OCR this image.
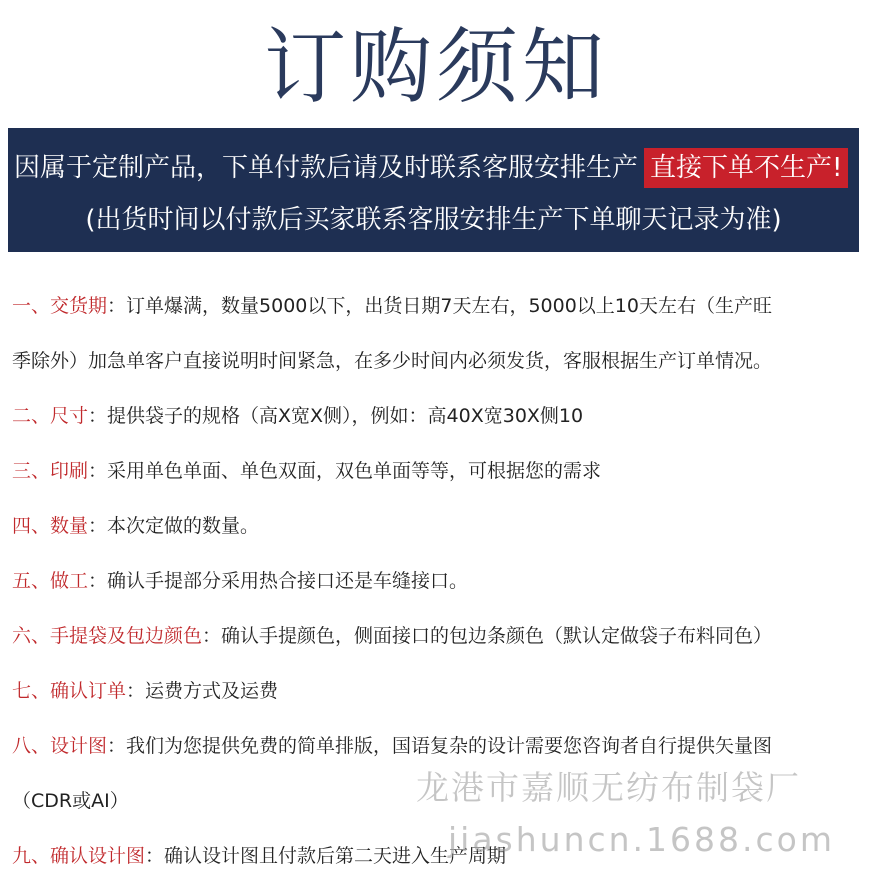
订购须知
因属于定制产品，下单付款后请及时联系客服安排生产 直接下单不生产!
(出货时间以付款后买家联系客服安排生产下单聊天记录为准)
一、交货期：订单爆满，数量5000以下，出货日期7天左右，5000以上10天左右（生产旺
季除外）加急单客户直接说明时间紧急，在多少时间内必须发货，客服根据生产订单情况。
二、尺寸：提供袋子的规格（高X宽X侧），例如：高40X宽30X侧10
三、印刷：采用单色单面、单色双面，双色单面等等，可根据您的需求
四、数量：本次定做的数量。
五、做工：确认手提部分采用热合接口还是车缝接口。
六、手提袋及包边颜色：确认手提颜色，侧面接口的包边条颜色（默认定做袋子布料同色）
七、确认订单：运费方式及运费
八、设计图：我们为您提供免费的简单排版，国语复杂的设计需要您咨询者自行提供矢量图
（CDR或AI）
九、确认设计图：确认设计图且付款后第二天进入生产周期
龙港市嘉顺无纺布制袋厂
jiashuncn.1688.com
